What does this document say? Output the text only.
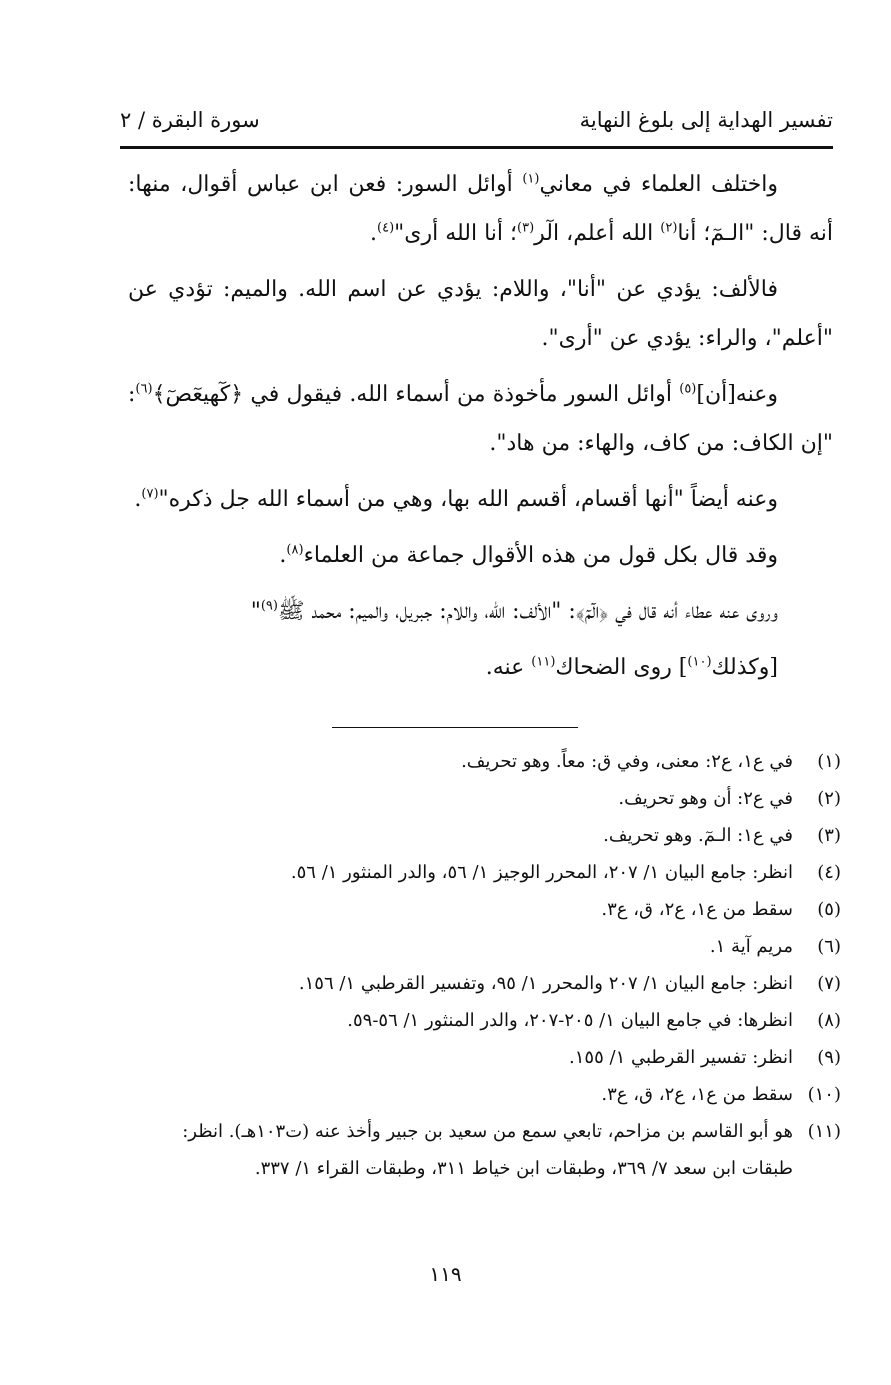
تفسير الهداية إلى بلوغ النهاية
سورة البقرة / ٢

واختلف العلماء في معاني$^{(١)}$ أوائل السور: فعن ابن عباس أقوال، منها: أنه قال: "الـمٓ؛ أنا$^{(٢)}$ الله أعلم، الٓر$^{(٣)}$؛ أنا الله أرى"$^{(٤)}$.

فالألف: يؤدي عن "أنا"، واللام: يؤدي عن اسم الله. والميم: تؤدي عن "أعلم"، والراء: يؤدي عن "أرى".

وعنه[أن]$^{(٥)}$ أوائل السور مأخوذة من أسماء الله. فيقول في ﴿كٓهيعٓصٓ﴾$^{(٦)}$: "إن الكاف: من كاف، والهاء: من هاد".

وعنه أيضاً "أنها أقسام، أقسم الله بها، وهي من أسماء الله جل ذكره"$^{(٧)}$.

وقد قال بكل قول من هذه الأقوال جماعة من العلماء$^{(٨)}$.

وروى عنه عطاء أنه قال في ﴿الٓمٓ﴾: "الألف: الله، واللام: جبريل، والميم: محمد ﷺ$^{(٩)}$"

[وكذلك$^{(١٠)}$] روى الضحاك$^{(١١)}$ عنه.

(١)
في ع١، ع٢: معنى، وفي ق: معاً. وهو تحريف.
(٢)
في ع٢: أن وهو تحريف.
(٣)
في ع١: الـمٓ. وهو تحريف.
(٤)
انظر: جامع البيان ١/ ٢٠٧، المحرر الوجيز ١/ ٥٦، والدر المنثور ١/ ٥٦.
(٥)
سقط من ع١، ع٢، ق، ع٣.
(٦)
مريم آية ١.
(٧)
انظر: جامع البيان ١/ ٢٠٧ والمحرر ١/ ٩٥، وتفسير القرطبي ١/ ١٥٦.
(٨)
انظرها: في جامع البيان ١/ ٢٠٥-٢٠٧، والدر المنثور ١/ ٥٦-٥٩.
(٩)
انظر: تفسير القرطبي ١/ ١٥٥.
(١٠)
سقط من ع١، ع٢، ق، ع٣.
(١١)
هو أبو القاسم بن مزاحم، تابعي سمع من سعيد بن جبير وأخذ عنه (ت١٠٣هـ). انظر: طبقات ابن سعد ٧/ ٣٦٩، وطبقات ابن خياط ٣١١، وطبقات القراء ١/ ٣٣٧.
١١٩
